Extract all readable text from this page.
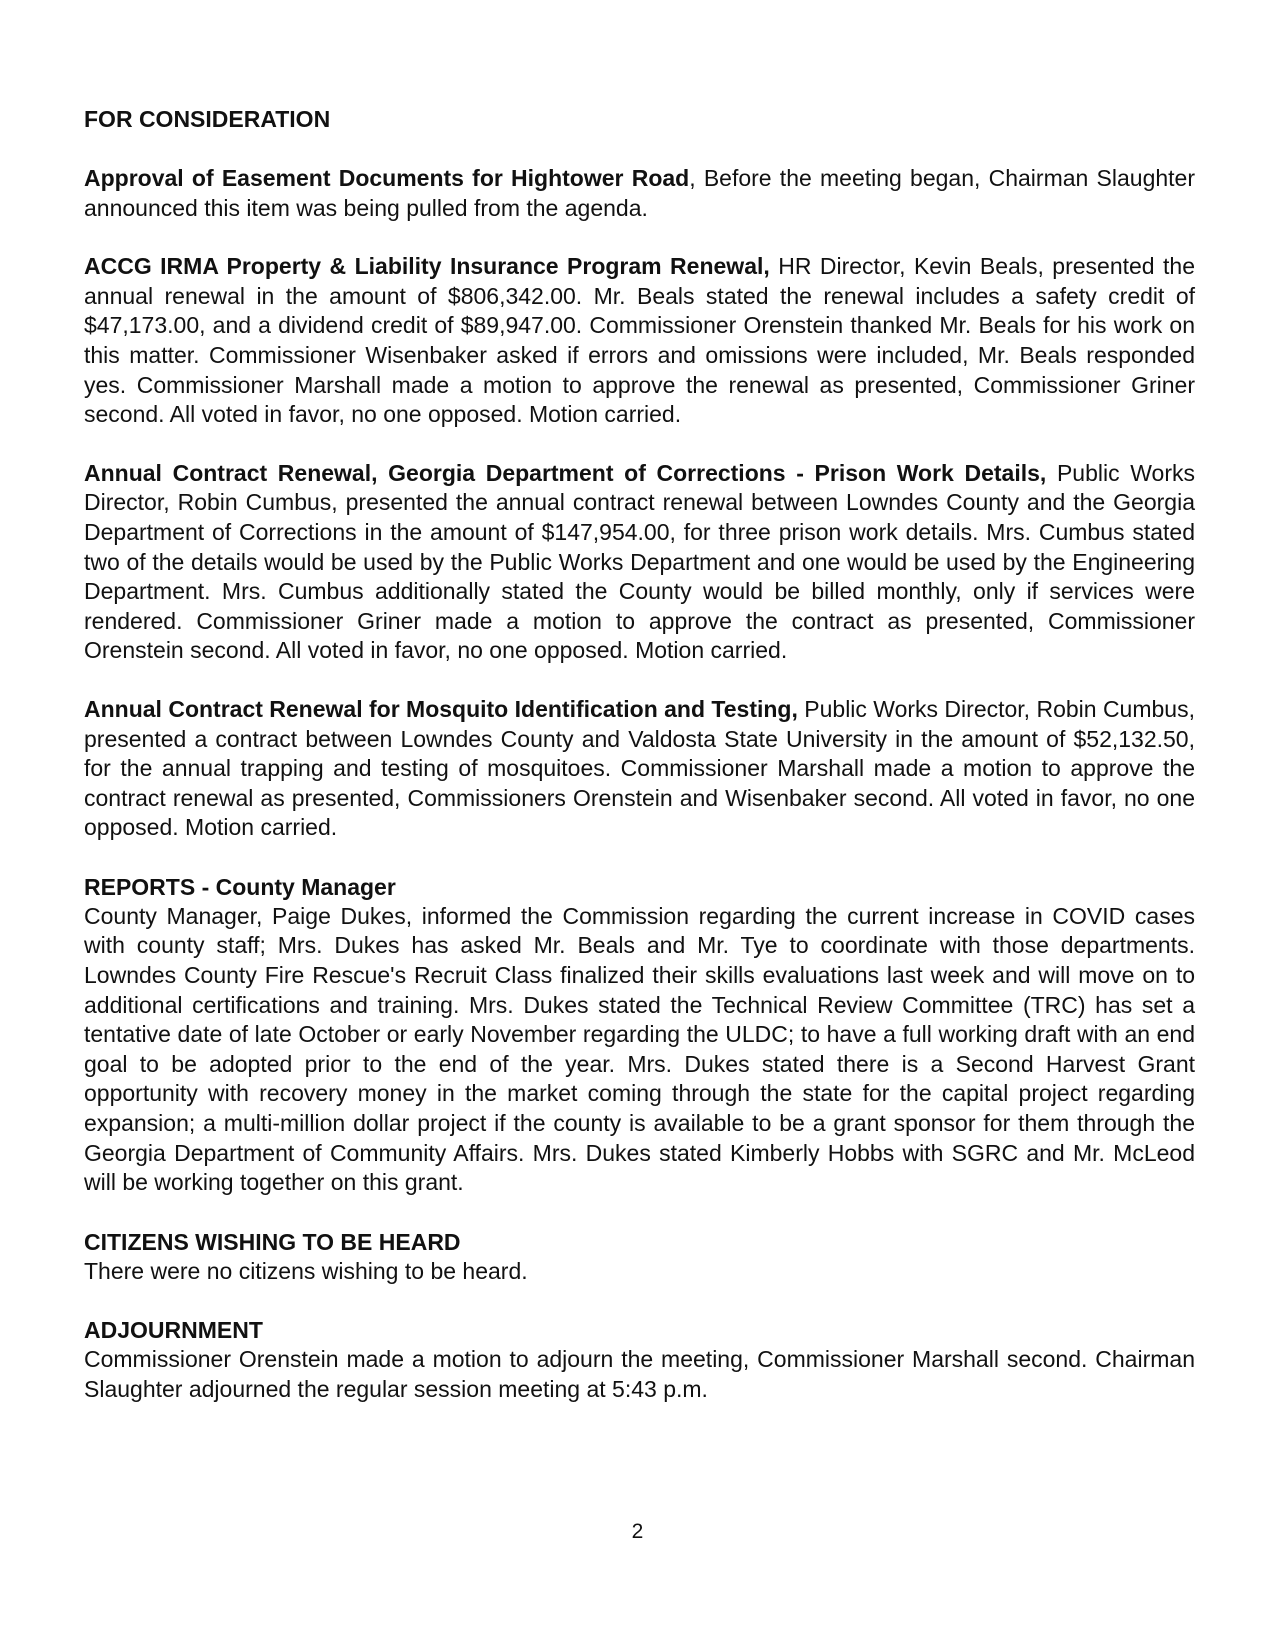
FOR CONSIDERATION

Approval of Easement Documents for Hightower Road, Before the meeting began, Chairman Slaughter announced this item was being pulled from the agenda.

ACCG IRMA Property & Liability Insurance Program Renewal, HR Director, Kevin Beals, presented the annual renewal in the amount of $806,342.00. Mr. Beals stated the renewal includes a safety credit of $47,173.00, and a dividend credit of $89,947.00. Commissioner Orenstein thanked Mr. Beals for his work on this matter. Commissioner Wisenbaker asked if errors and omissions were included, Mr. Beals responded yes. Commissioner Marshall made a motion to approve the renewal as presented, Commissioner Griner second. All voted in favor, no one opposed. Motion carried.

Annual Contract Renewal, Georgia Department of Corrections - Prison Work Details, Public Works Director, Robin Cumbus, presented the annual contract renewal between Lowndes County and the Georgia Department of Corrections in the amount of $147,954.00, for three prison work details. Mrs. Cumbus stated two of the details would be used by the Public Works Department and one would be used by the Engineering Department. Mrs. Cumbus additionally stated the County would be billed monthly, only if services were rendered. Commissioner Griner made a motion to approve the contract as presented, Commissioner Orenstein second. All voted in favor, no one opposed. Motion carried.

Annual Contract Renewal for Mosquito Identification and Testing, Public Works Director, Robin Cumbus, presented a contract between Lowndes County and Valdosta State University in the amount of $52,132.50, for the annual trapping and testing of mosquitoes. Commissioner Marshall made a motion to approve the contract renewal as presented, Commissioners Orenstein and Wisenbaker second. All voted in favor, no one opposed. Motion carried.

REPORTS - County Manager

County Manager, Paige Dukes, informed the Commission regarding the current increase in COVID cases with county staff; Mrs. Dukes has asked Mr. Beals and Mr. Tye to coordinate with those departments. Lowndes County Fire Rescue's Recruit Class finalized their skills evaluations last week and will move on to additional certifications and training. Mrs. Dukes stated the Technical Review Committee (TRC) has set a tentative date of late October or early November regarding the ULDC; to have a full working draft with an end goal to be adopted prior to the end of the year. Mrs. Dukes stated there is a Second Harvest Grant opportunity with recovery money in the market coming through the state for the capital project regarding expansion; a multi-million dollar project if the county is available to be a grant sponsor for them through the Georgia Department of Community Affairs. Mrs. Dukes stated Kimberly Hobbs with SGRC and Mr. McLeod will be working together on this grant.

CITIZENS WISHING TO BE HEARD

There were no citizens wishing to be heard.

ADJOURNMENT

Commissioner Orenstein made a motion to adjourn the meeting, Commissioner Marshall second. Chairman Slaughter adjourned the regular session meeting at 5:43 p.m.

2
